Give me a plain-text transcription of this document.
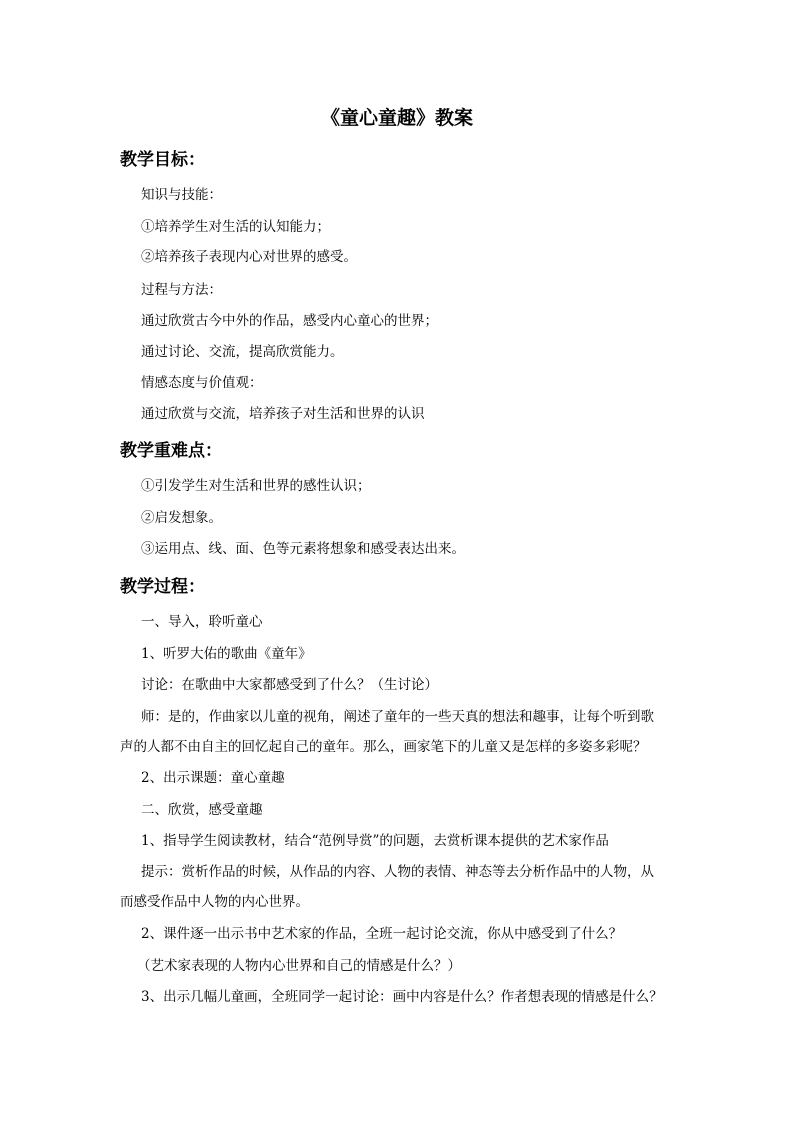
《童心童趣》教案
教学目标：
知识与技能：
①培养学生对生活的认知能力；
②培养孩子表现内心对世界的感受。
过程与方法：
通过欣赏古今中外的作品，感受内心童心的世界；
通过讨论、交流，提高欣赏能力。
情感态度与价值观：
通过欣赏与交流，培养孩子对生活和世界的认识
教学重难点：
①引发学生对生活和世界的感性认识；
②启发想象。
③运用点、线、面、色等元素将想象和感受表达出来。
教学过程：
一、导入，聆听童心
1、听罗大佑的歌曲《童年》
讨论：在歌曲中大家都感受到了什么？（生讨论）
师：是的，作曲家以儿童的视角，阐述了童年的一些天真的想法和趣事，让每个听到歌
声的人都不由自主的回忆起自己的童年。那么，画家笔下的儿童又是怎样的多姿多彩呢？
2、出示课题：童心童趣
二、欣赏，感受童趣
1、指导学生阅读教材，结合“范例导赏”的问题，去赏析课本提供的艺术家作品
提示：赏析作品的时候，从作品的内容、人物的表情、神态等去分析作品中的人物，从
而感受作品中人物的内心世界。
2、课件逐一出示书中艺术家的作品，全班一起讨论交流，你从中感受到了什么？
（艺术家表现的人物内心世界和自己的情感是什么？）
3、出示几幅儿童画，全班同学一起讨论：画中内容是什么？作者想表现的情感是什么？
